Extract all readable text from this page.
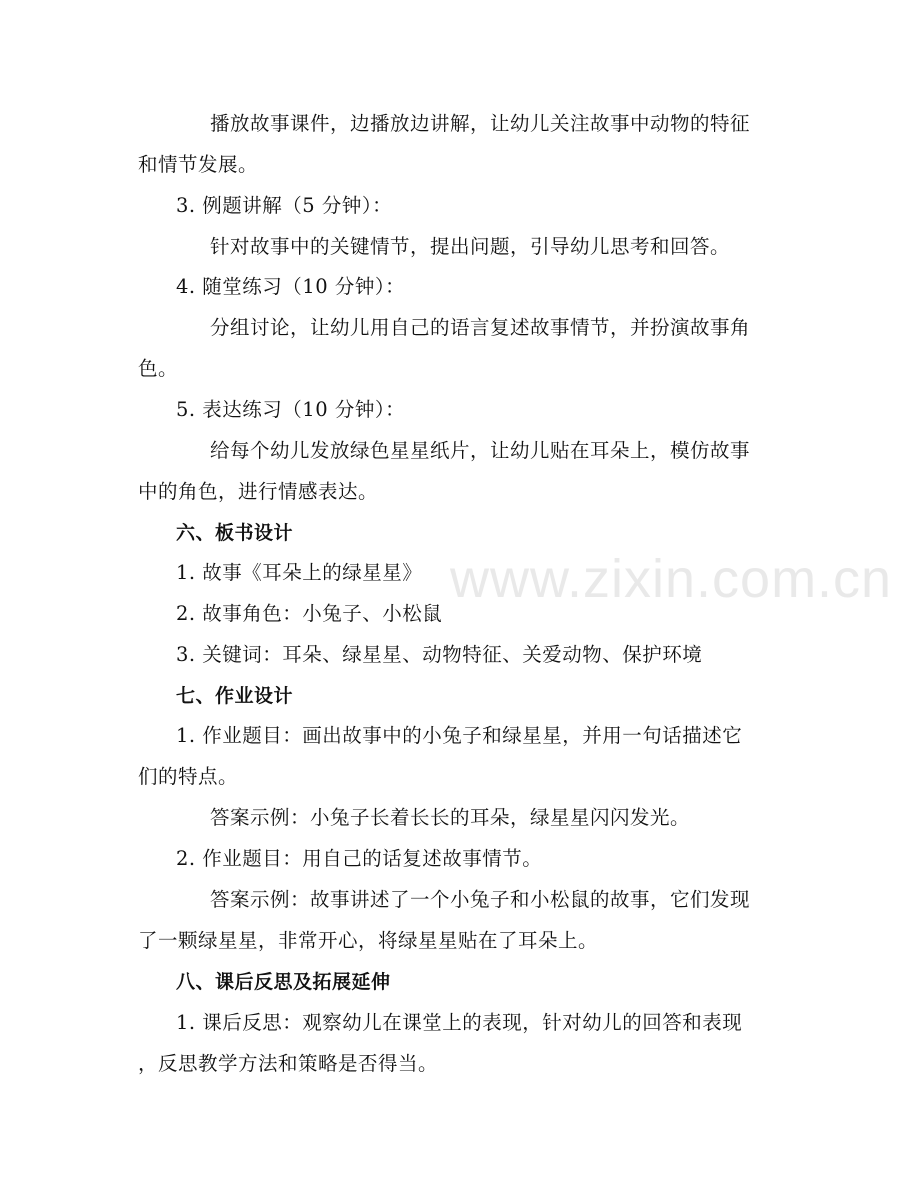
www.zixin.com.cn
播放故事课件，边播放边讲解，让幼儿关注故事中动物的特征
和情节发展。
3. 例题讲解（5 分钟）：
针对故事中的关键情节，提出问题，引导幼儿思考和回答。
4. 随堂练习（10 分钟）：
分组讨论，让幼儿用自己的语言复述故事情节，并扮演故事角
色。
5. 表达练习（10 分钟）：
给每个幼儿发放绿色星星纸片，让幼儿贴在耳朵上，模仿故事
中的角色，进行情感表达。
六、板书设计
1. 故事《耳朵上的绿星星》
2. 故事角色：小兔子、小松鼠
3. 关键词：耳朵、绿星星、动物特征、关爱动物、保护环境
七、作业设计
1. 作业题目：画出故事中的小兔子和绿星星，并用一句话描述它
们的特点。
答案示例：小兔子长着长长的耳朵，绿星星闪闪发光。
2. 作业题目：用自己的话复述故事情节。
答案示例：故事讲述了一个小兔子和小松鼠的故事，它们发现
了一颗绿星星，非常开心，将绿星星贴在了耳朵上。
八、课后反思及拓展延伸
1. 课后反思：观察幼儿在课堂上的表现，针对幼儿的回答和表现
，反思教学方法和策略是否得当。
